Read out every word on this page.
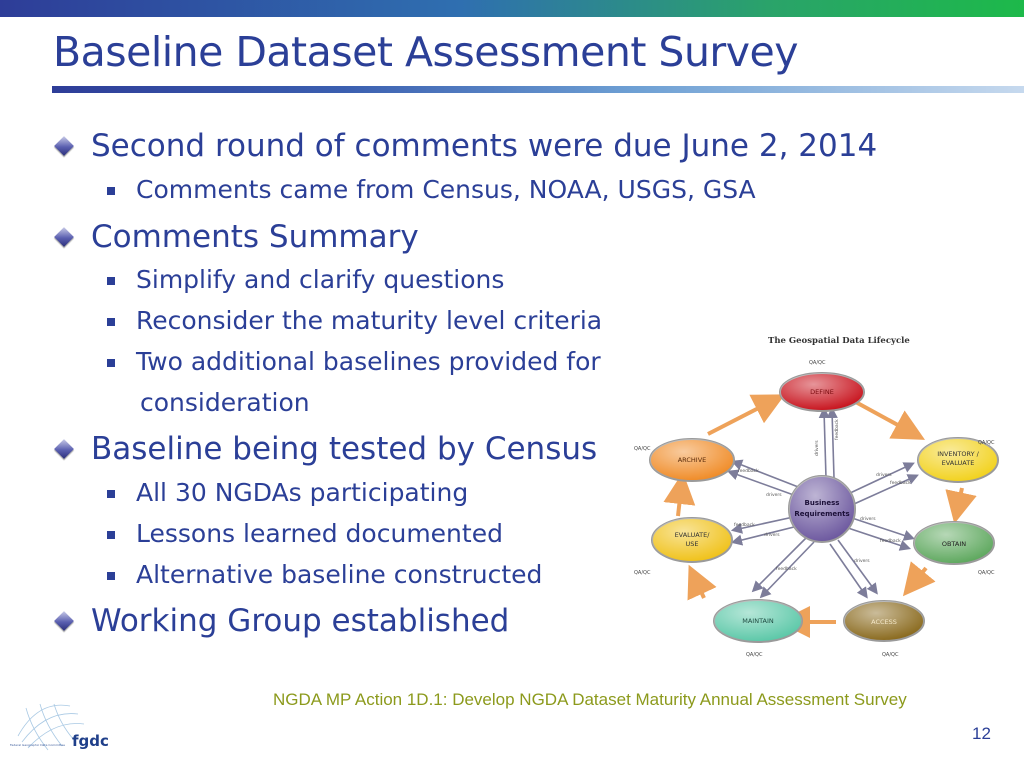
Baseline Dataset Assessment Survey
Second round of comments were due June 2, 2014
Comments came from Census, NOAA, USGS, GSA
Comments Summary
Simplify and clarify questions
Reconsider the maturity level criteria
Two additional baselines provided for
consideration
Baseline being tested by Census
All 30 NGDAs participating
Lessons learned documented
Alternative baseline constructed
Working Group established
The Geospatial Data Lifecycle
feedback
drivers
drivers
feedback
feedback
drivers
feedback
drivers
feedback
drivers
feedback
drivers
DEFINE
INVENTORY /
EVALUATE
OBTAIN
ACCESS
MAINTAIN
EVALUATE/
USE
ARCHIVE
Business
Requirements
QA/QC
QA/QC
QA/QC
QA/QC
QA/QC
QA/QC
QA/QC
NGDA MP Action 1D.1: Develop NGDA Dataset Maturity Annual Assessment Survey
12
fgdc
Federal Geographic Data Committee
